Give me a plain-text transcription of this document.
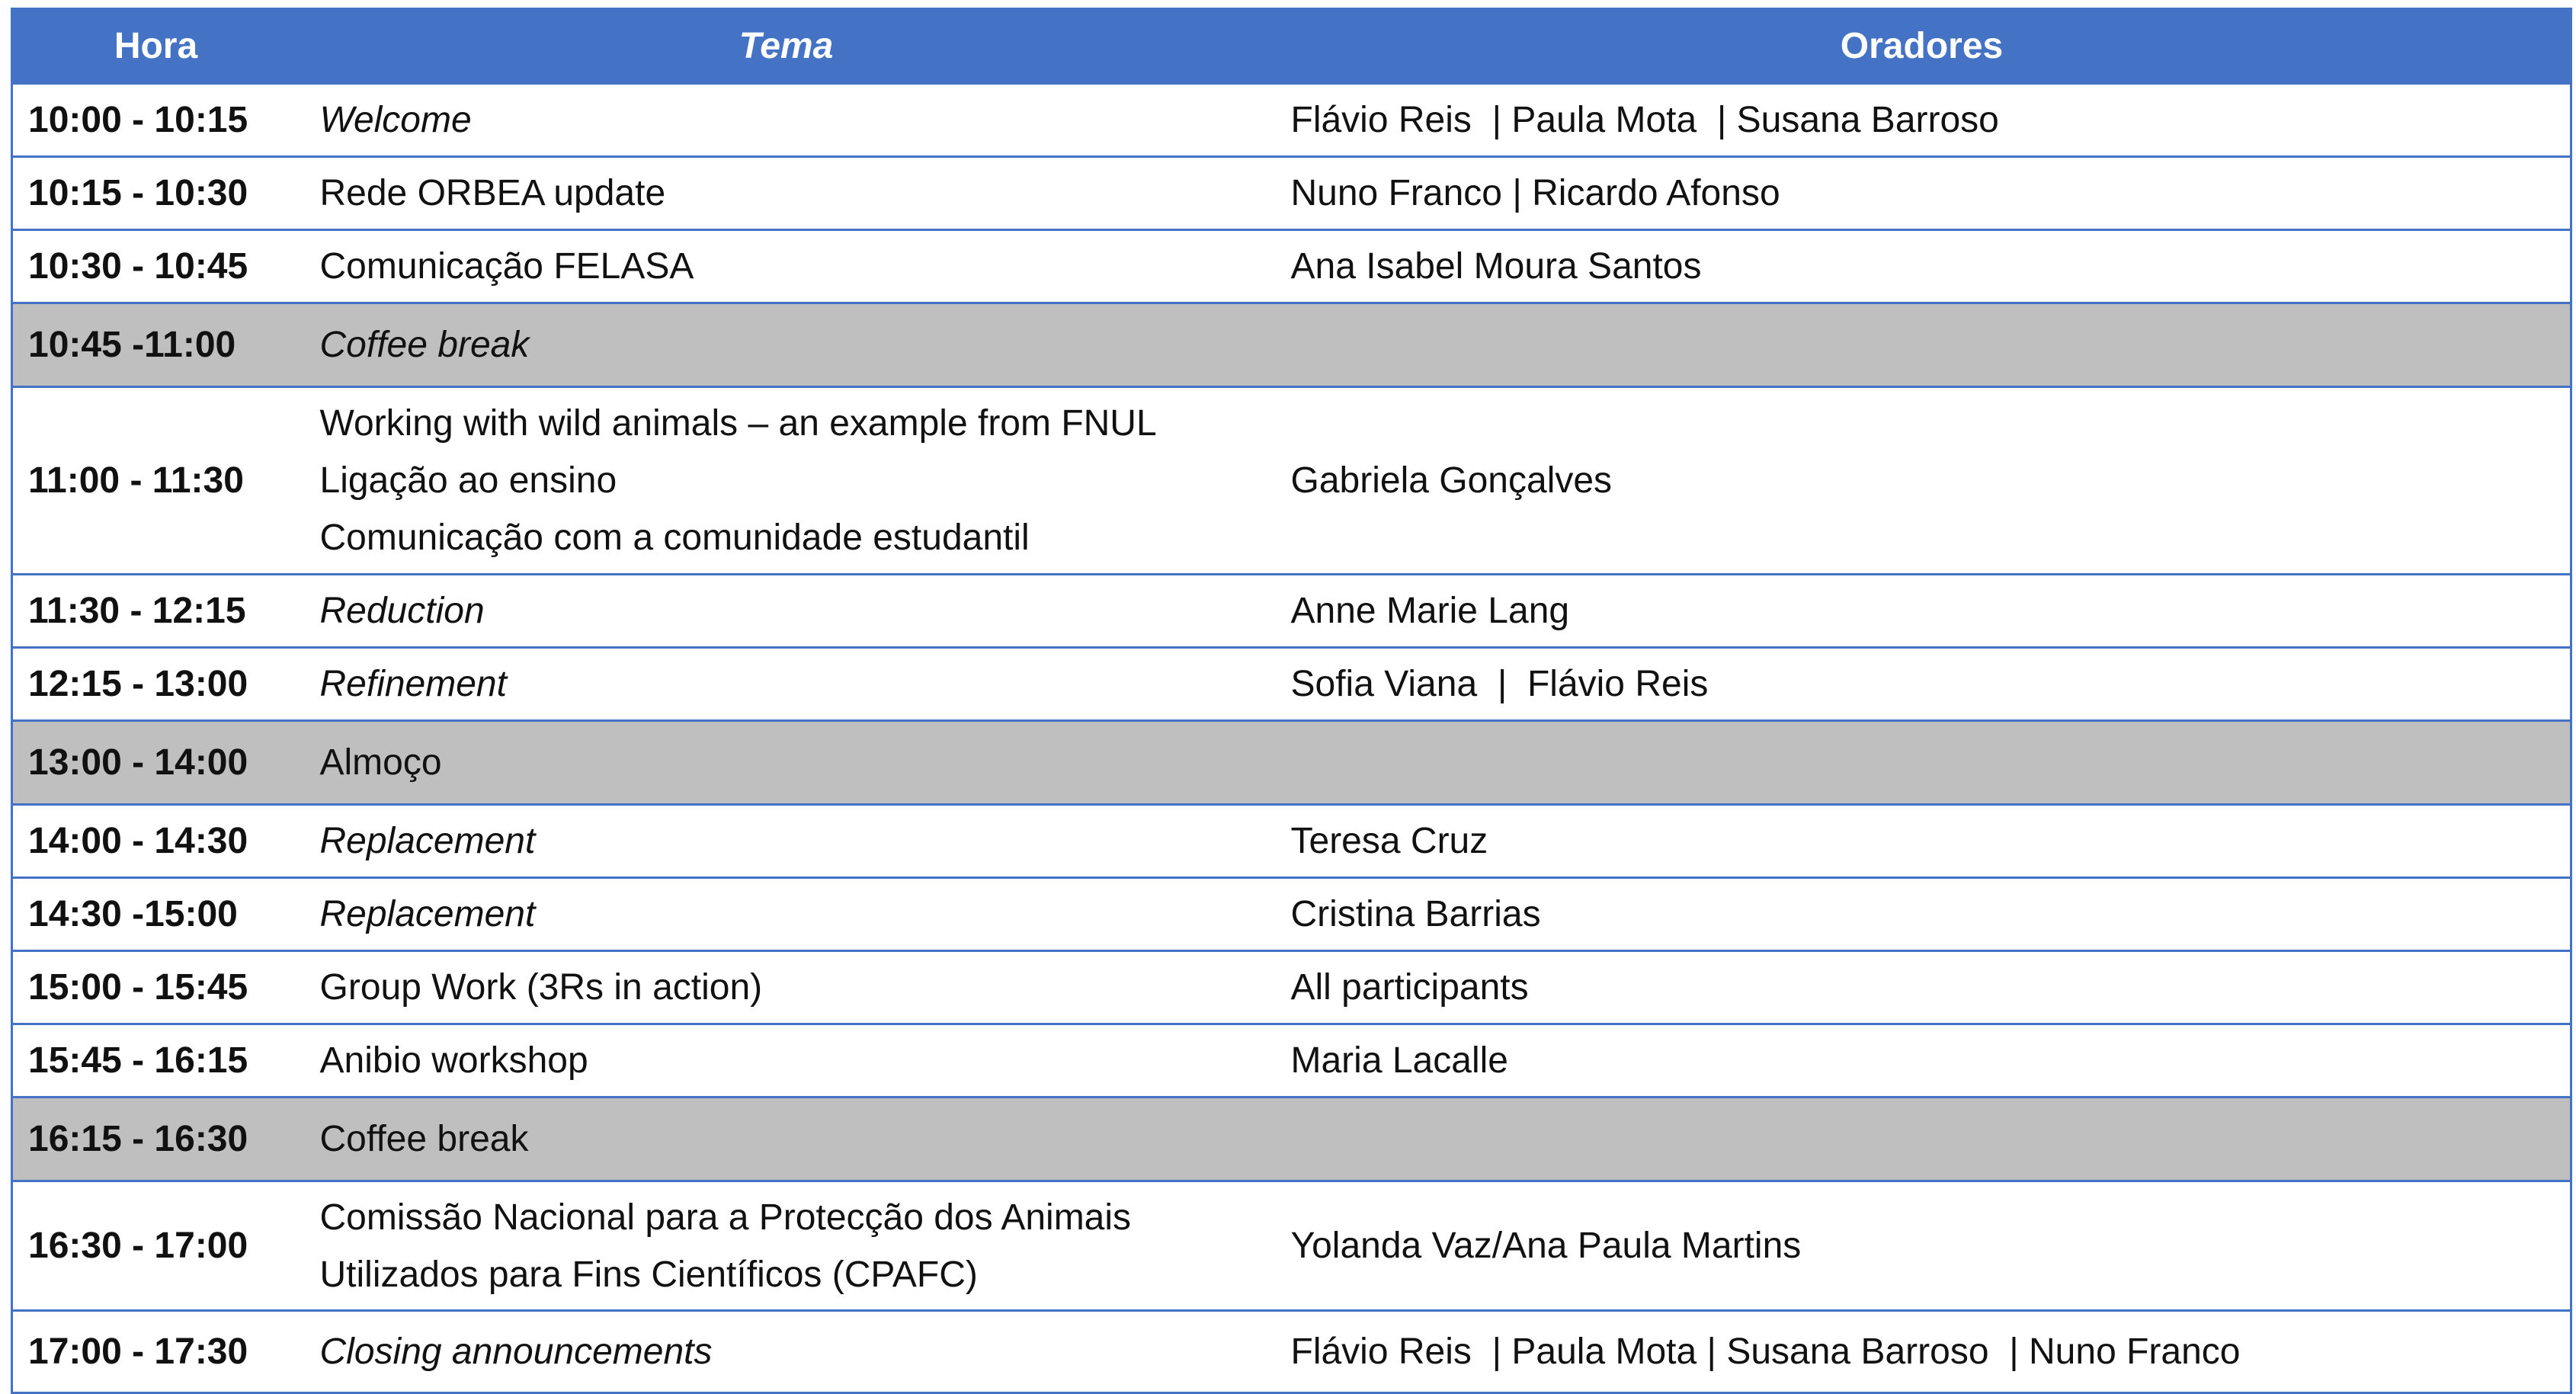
Hora	Tema	Oradores
10:00 - 10:15	Welcome	Flávio Reis  | Paula Mota  | Susana Barroso
10:15 - 10:30	Rede ORBEA update	Nuno Franco | Ricardo Afonso
10:30 - 10:45	Comunicação FELASA	Ana Isabel Moura Santos
10:45 -11:00	Coffee break	

11:00 - 11:30	Working with wild animals – an example from FNUL
Ligação ao ensino
Comunicação com a comunidade estudantil	Gabriela Gonçalves
11:30 - 12:15	Reduction	Anne Marie Lang
12:15 - 13:00	Refinement	Sofia Viana  |  Flávio Reis
13:00 - 14:00	Almoço	

14:00 - 14:30	Replacement	Teresa Cruz
14:30 -15:00	Replacement	Cristina Barrias
15:00 - 15:45	Group Work (3Rs in action)	All participants
15:45 - 16:15	Anibio workshop	Maria Lacalle
16:15 - 16:30	Coffee break	

16:30 - 17:00	Comissão Nacional para a Protecção dos Animais
Utilizados para Fins Científicos (CPAFC)	Yolanda Vaz/Ana Paula Martins
17:00 - 17:30	Closing announcements	Flávio Reis  | Paula Mota | Susana Barroso  | Nuno Franco
